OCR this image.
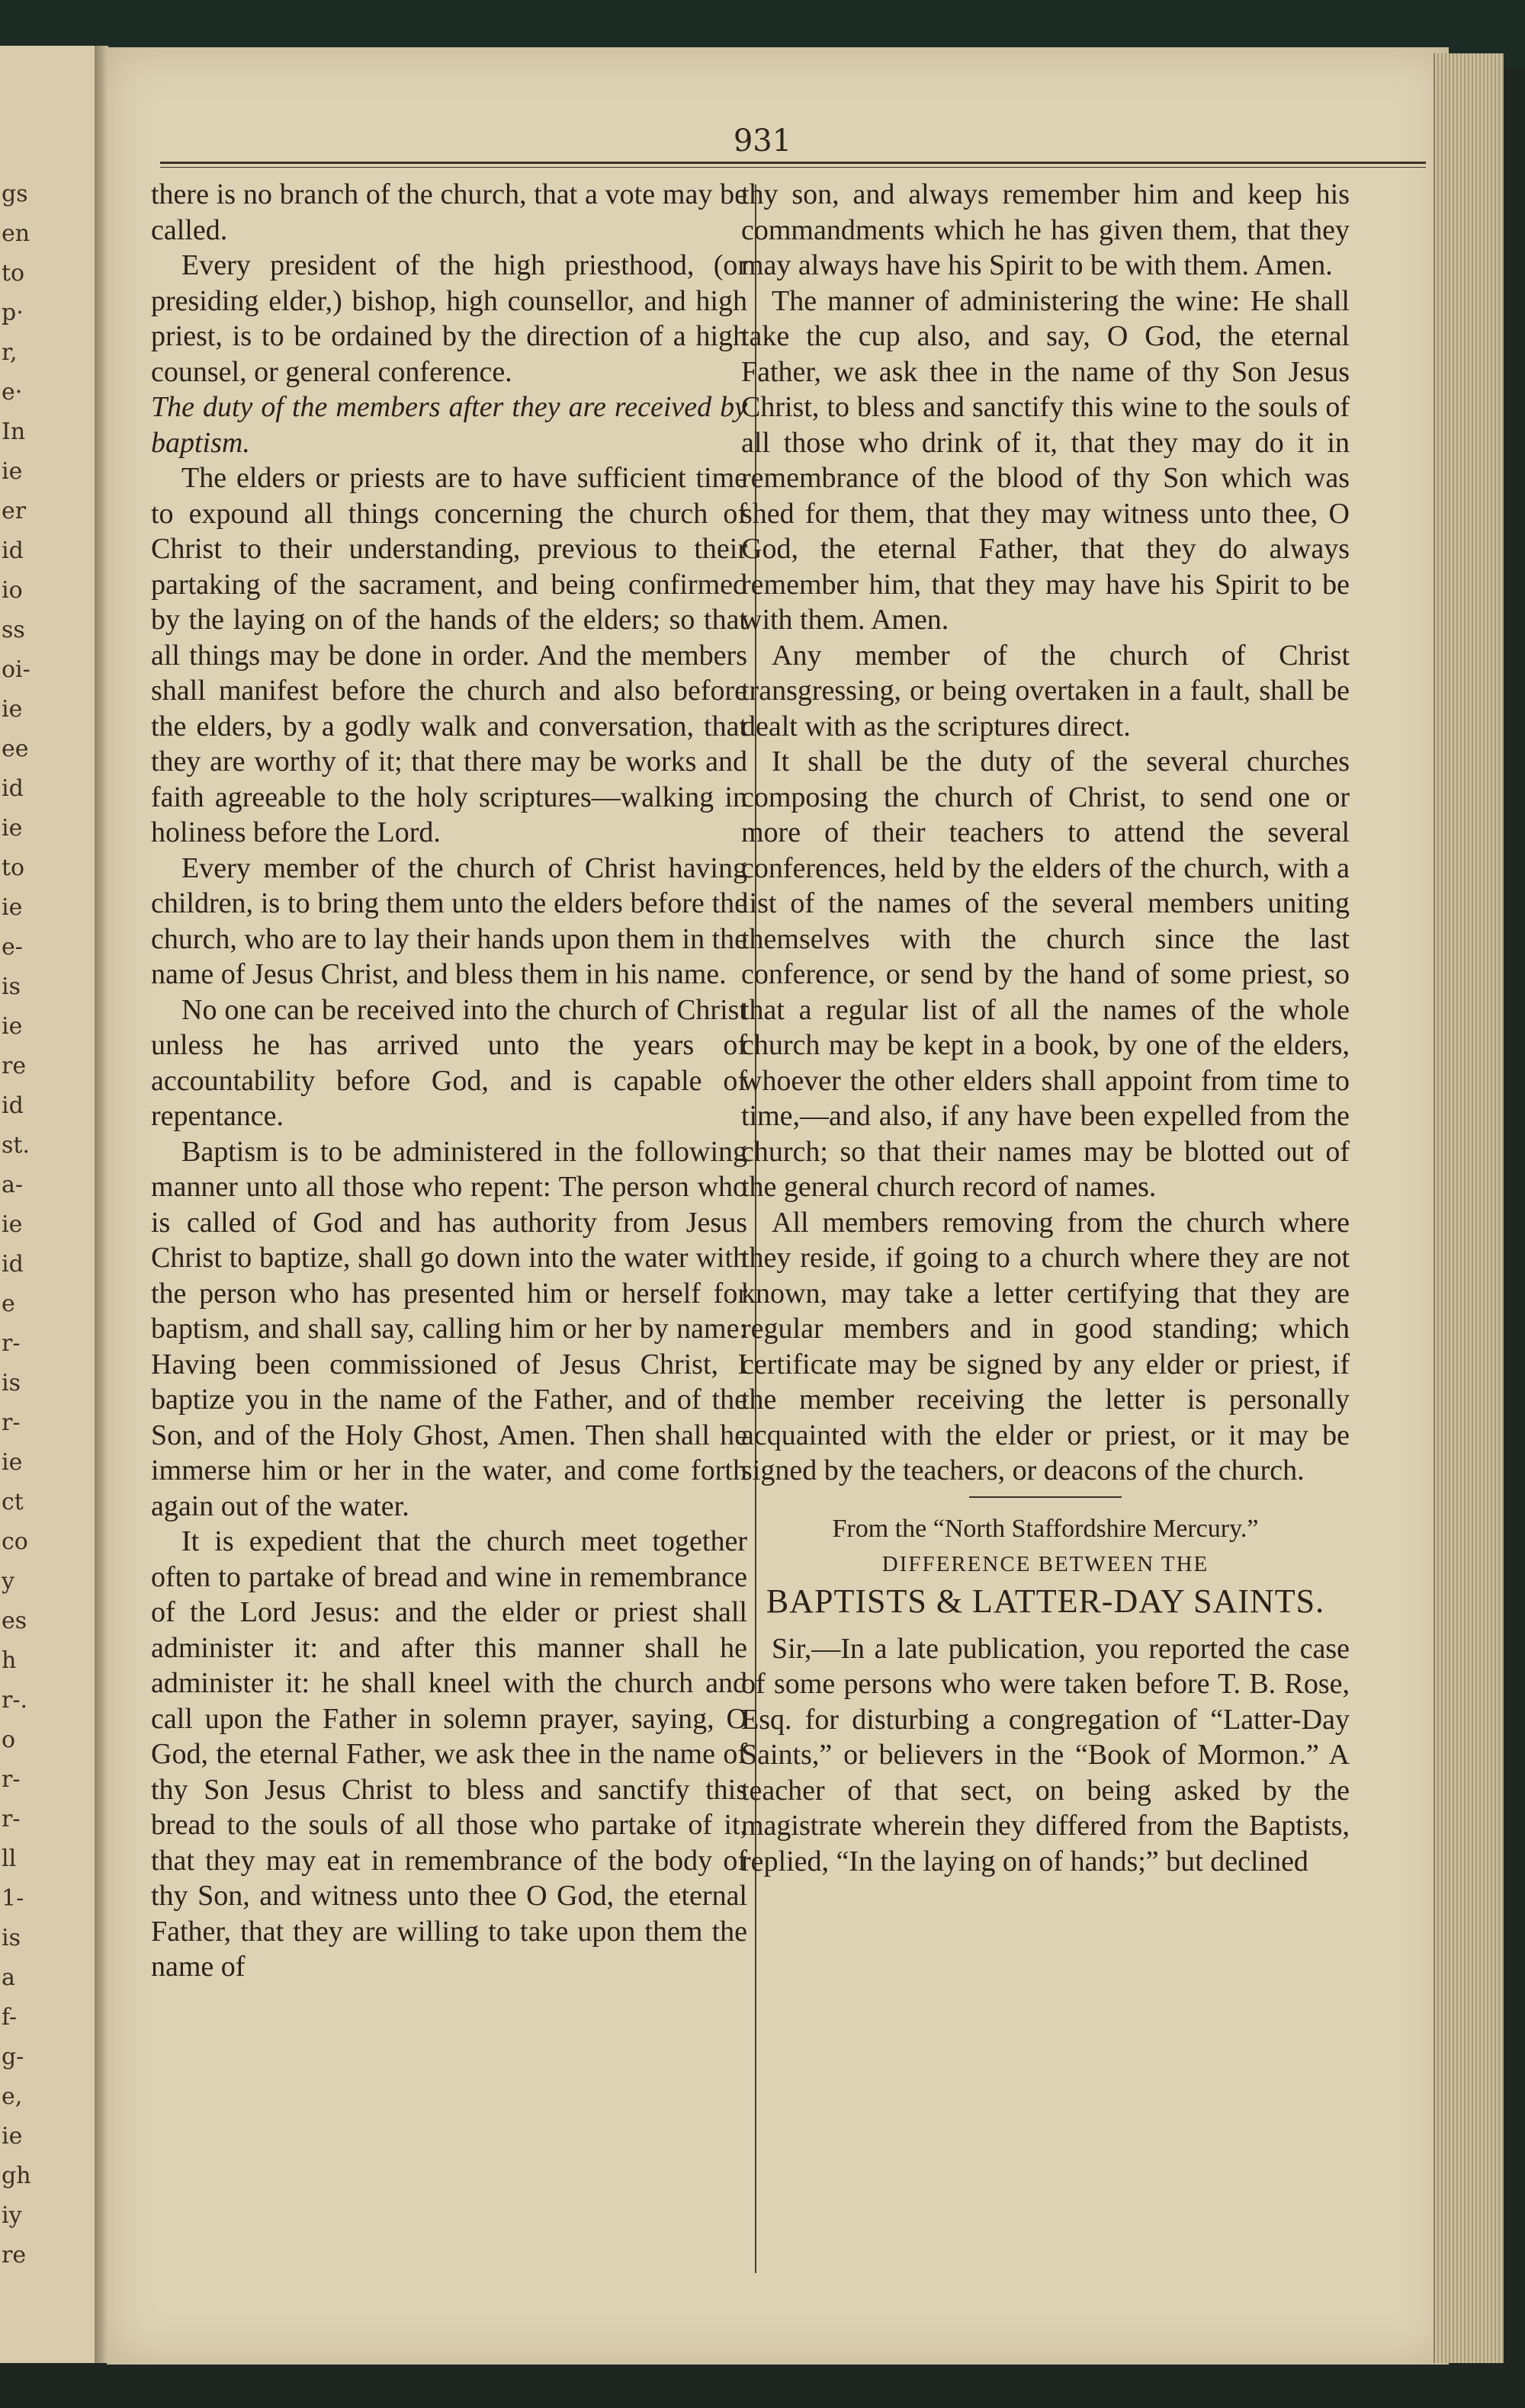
gs
en
to
p·
r,
e·
In
ie
er
id
io
ss
oi-
ie
ee
id
ie
to
ie
e-
is
ie
re
id
st.
a-
ie
id
e
r-
is
r-
ie
ct
co
y
es
h
r-.
o
r-
r-
ll
1-
is
a
f-
g-
e,
ie
gh
iy
re
931

there is no branch of the church, that a vote may be called.

Every president of the high priesthood, (or presiding elder,) bishop, high counsellor, and high priest, is to be ordained by the direction of a high counsel, or general conference.

The duty of the members after they are received by baptism.

The elders or priests are to have sufficient time to expound all things concerning the church of Christ to their understanding, previous to their partaking of the sacrament, and being confirmed by the laying on of the hands of the elders; so that all things may be done in order. And the members shall manifest before the church and also before the elders, by a godly walk and conversation, that they are worthy of it; that there may be works and faith agreeable to the holy scriptures—walking in holiness before the Lord.

Every member of the church of Christ having children, is to bring them unto the elders before the church, who are to lay their hands upon them in the name of Jesus Christ, and bless them in his name.

No one can be received into the church of Christ unless he has arrived unto the years of accountability before God, and is capable of repentance.

Baptism is to be administered in the following manner unto all those who repent: The person who is called of God and has authority from Jesus Christ to baptize, shall go down into the water with the person who has presented him or herself for baptism, and shall say, calling him or her by name: Having been commissioned of Jesus Christ, I baptize you in the name of the Father, and of the Son, and of the Holy Ghost, Amen. Then shall he immerse him or her in the water, and come forth again out of the water.

It is expedient that the church meet together often to partake of bread and wine in remembrance of the Lord Jesus: and the elder or priest shall administer it: and after this manner shall he administer it: he shall kneel with the church and call upon the Father in solemn prayer, saying, O God, the eternal Father, we ask thee in the name of thy Son Jesus Christ to bless and sanctify this bread to the souls of all those who partake of it, that they may eat in remembrance of the body of thy Son, and witness unto thee O God, the eternal Father, that they are willing to take upon them the name of

thy son, and always remember him and keep his commandments which he has given them, that they may always have his Spirit to be with them. Amen.

The manner of administering the wine: He shall take the cup also, and say, O God, the eternal Father, we ask thee in the name of thy Son Jesus Christ, to bless and sanctify this wine to the souls of all those who drink of it, that they may do it in remembrance of the blood of thy Son which was shed for them, that they may witness unto thee, O God, the eternal Father, that they do always remember him, that they may have his Spirit to be with them. Amen.

Any member of the church of Christ transgressing, or being overtaken in a fault, shall be dealt with as the scriptures direct.

It shall be the duty of the several churches composing the church of Christ, to send one or more of their teachers to attend the several conferences, held by the elders of the church, with a list of the names of the several members uniting themselves with the church since the last conference, or send by the hand of some priest, so that a regular list of all the names of the whole church may be kept in a book, by one of the elders, whoever the other elders shall appoint from time to time,—and also, if any have been expelled from the church; so that their names may be blotted out of the general church record of names.

All members removing from the church where they reside, if going to a church where they are not known, may take a letter certifying that they are regular members and in good standing; which certificate may be signed by any elder or priest, if the member receiving the letter is personally acquainted with the elder or priest, or it may be signed by the teachers, or deacons of the church.

From the “North Staffordshire Mercury.”

DIFFERENCE BETWEEN THE

BAPTISTS & LATTER-DAY SAINTS.

Sir,—In a late publication, you reported the case of some persons who were taken before T. B. Rose, Esq. for disturbing a congregation of “Latter-Day Saints,” or believers in the “Book of Mormon.” A teacher of that sect, on being asked by the magistrate wherein they differed from the Baptists, replied, “In the laying on of hands;” but declined
